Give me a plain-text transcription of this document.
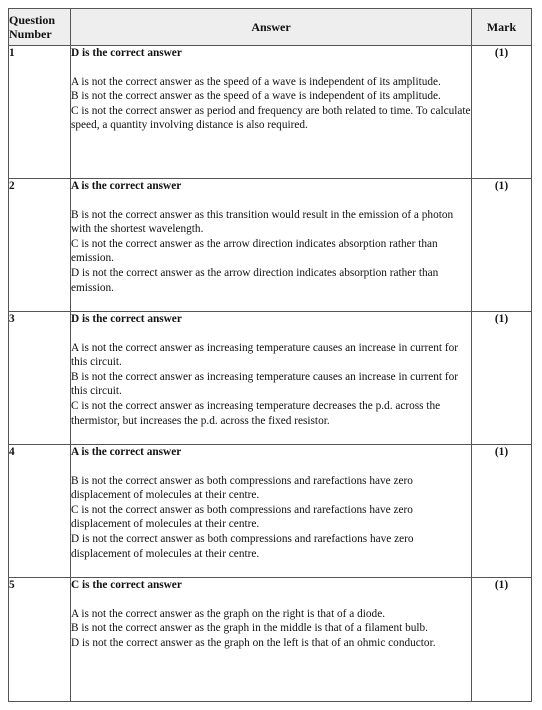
Question Number	Answer	Mark
1	D is the correct answer

A is not the correct answer as the speed of a wave is independent of its amplitude.

B is not the correct answer as the speed of a wave is independent of its amplitude.

C is not the correct answer as period and frequency are both related to time. To calculate speed, a quantity involving distance is also required.	(1)
2	A is the correct answer

B is not the correct answer as this transition would result in the emission of a photon with the shortest wavelength.

C is not the correct answer as the arrow direction indicates absorption rather than emission.

D is not the correct answer as the arrow direction indicates absorption rather than emission.	(1)
3	D is the correct answer

A is not the correct answer as increasing temperature causes an increase in current for this circuit.

B is not the correct answer as increasing temperature causes an increase in current for this circuit.

C is not the correct answer as increasing temperature decreases the p.d. across the thermistor, but increases the p.d. across the fixed resistor.	(1)
4	A is the correct answer

B is not the correct answer as both compressions and rarefactions have zero displacement of molecules at their centre.

C is not the correct answer as both compressions and rarefactions have zero displacement of molecules at their centre.

D is not the correct answer as both compressions and rarefactions have zero displacement of molecules at their centre.	(1)
5	C is the correct answer

A is not the correct answer as the graph on the right is that of a diode.

B is not the correct answer as the graph in the middle is that of a filament bulb.

D is not the correct answer as the graph on the left is that of an ohmic conductor.	(1)
